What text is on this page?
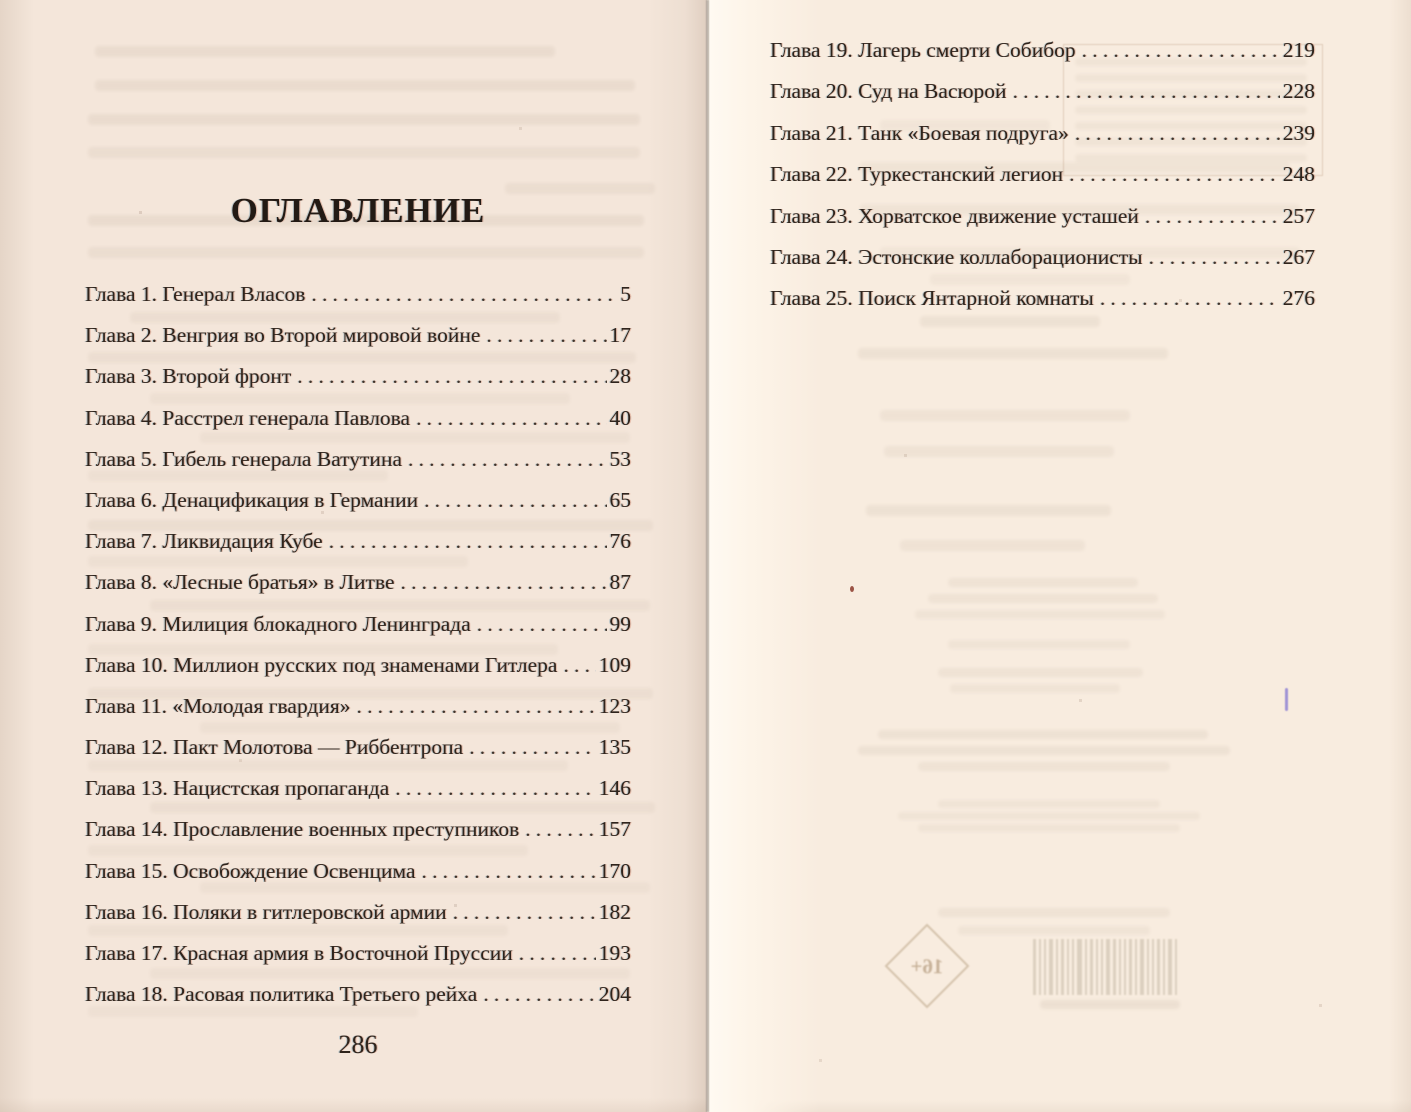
ОГЛАВЛЕНИЕ
Глава 1. Генерал Власов .....	5
Глава 2. Венгрия во Второй мировой войне .....	17
Глава 3. Второй фронт .....	28
Глава 4. Расстрел генерала Павлова .....	40
Глава 5. Гибель генерала Ватутина .....	53
Глава 6. Денацификация в Германии .....	65
Глава 7. Ликвидация Кубе .....	76
Глава 8. «Лесные братья» в Литве .....	87
Глава 9. Милиция блокадного Ленинграда .....	99
Глава 10. Миллион русских под знаменами Гитлера ..... 109
Глава 11. «Молодая гвардия» .....	123
Глава 12. Пакт Молотова — Риббентропа .....	135
Глава 13. Нацистская пропаганда .....	146
Глава 14. Прославление военных преступников .....	157
Глава 15. Освобождение Освенцима .....	170
Глава 16. Поляки в гитлеровской армии .....	182
Глава 17. Красная армия в Восточной Пруссии .....	193
Глава 18. Расовая политика Третьего рейха .....	204
Глава 19. Лагерь смерти Собибор .....	219
Глава 20. Суд на Васюрой .....	228
Глава 21. Танк «Боевая подруга» .....	239
Глава 22. Туркестанский легион .....	248
Глава 23. Хорватское движение усташей .....	257
Глава 24. Эстонские коллаборационисты .....	267
Глава 25. Поиск Янтарной комнаты .....	276
286
16+
